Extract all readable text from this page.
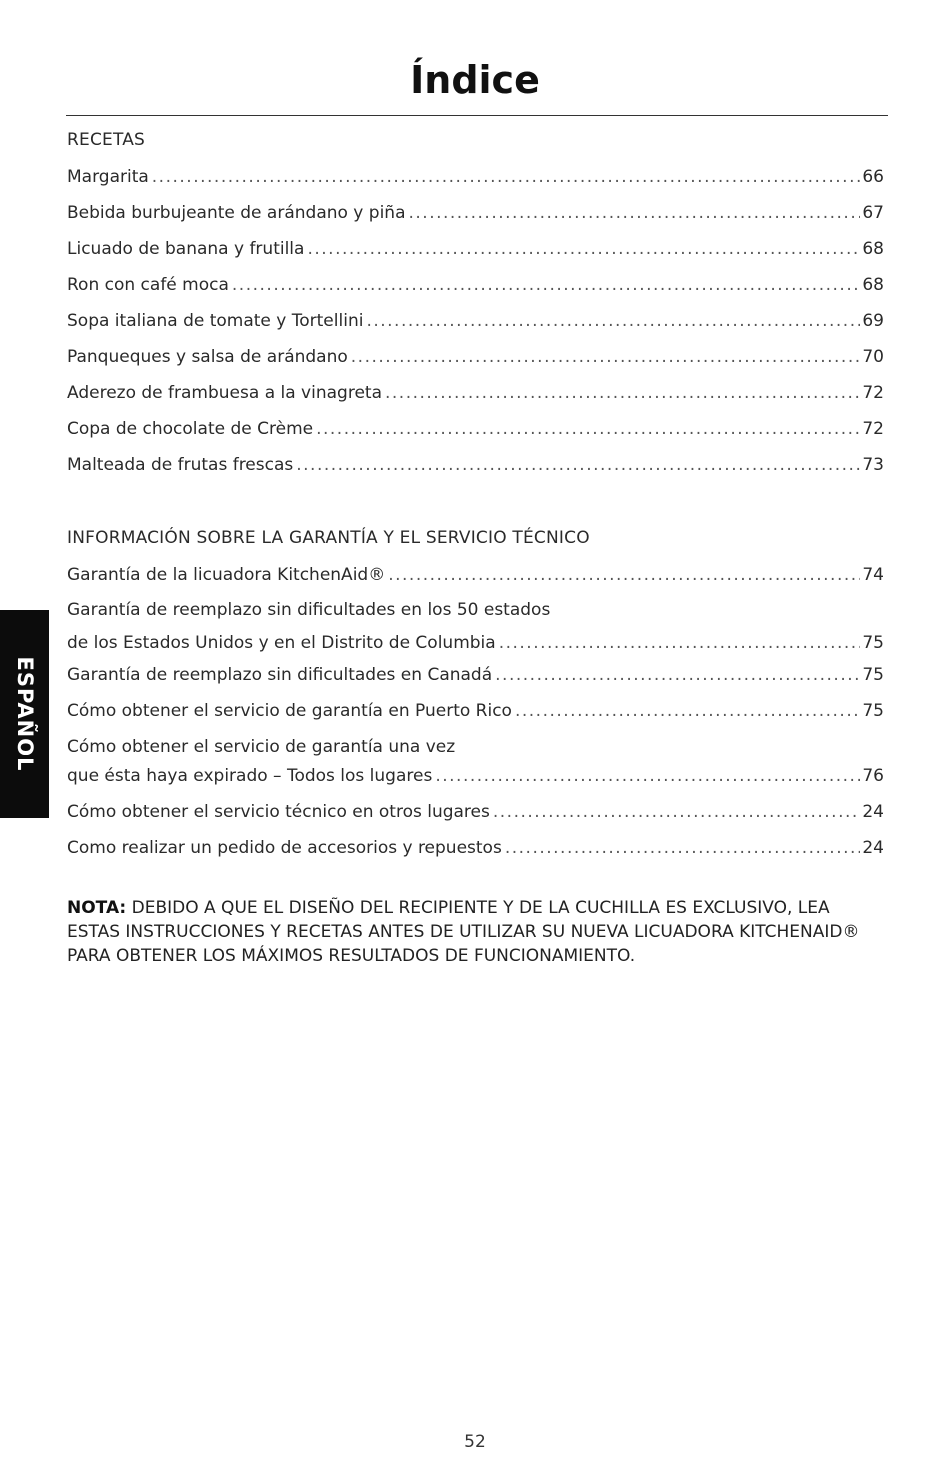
Índice
RECETAS
Margarita .....	66
Bebida burbujeante de arándano y piña .....	67
Licuado de banana y frutilla .....	68
Ron con café moca .....	68
Sopa italiana de tomate y Tortellini .....	69
Panqueques y salsa de arándano .....	70
Aderezo de frambuesa a la vinagreta .....	72
Copa de chocolate de Crème .....	72
Malteada de frutas frescas .....	73
INFORMACIÓN SOBRE LA GARANTÍA Y EL SERVICIO TÉCNICO
Garantía de la licuadora KitchenAid® .....	74
Garantía de reemplazo sin dificultades en los 50 estados
de los Estados Unidos y en el Distrito de Columbia .....	75
Garantía de reemplazo sin dificultades en Canadá .....	75
Cómo obtener el servicio de garantía en Puerto Rico .....	75
Cómo obtener el servicio de garantía una vez
que ésta haya expirado – Todos los lugares .....	76
Cómo obtener el servicio técnico en otros lugares .....	24
Como realizar un pedido de accesorios y repuestos .....	24
NOTA: DEBIDO A QUE EL DISEÑO DEL RECIPIENTE Y DE LA CUCHILLA ES EXCLUSIVO, LEA ESTAS INSTRUCCIONES Y RECETAS ANTES DE UTILIZAR SU NUEVA LICUADORA KITCHENAID® PARA OBTENER LOS MÁXIMOS RESULTADOS DE FUNCIONAMIENTO.
ESPAÑOL
52
